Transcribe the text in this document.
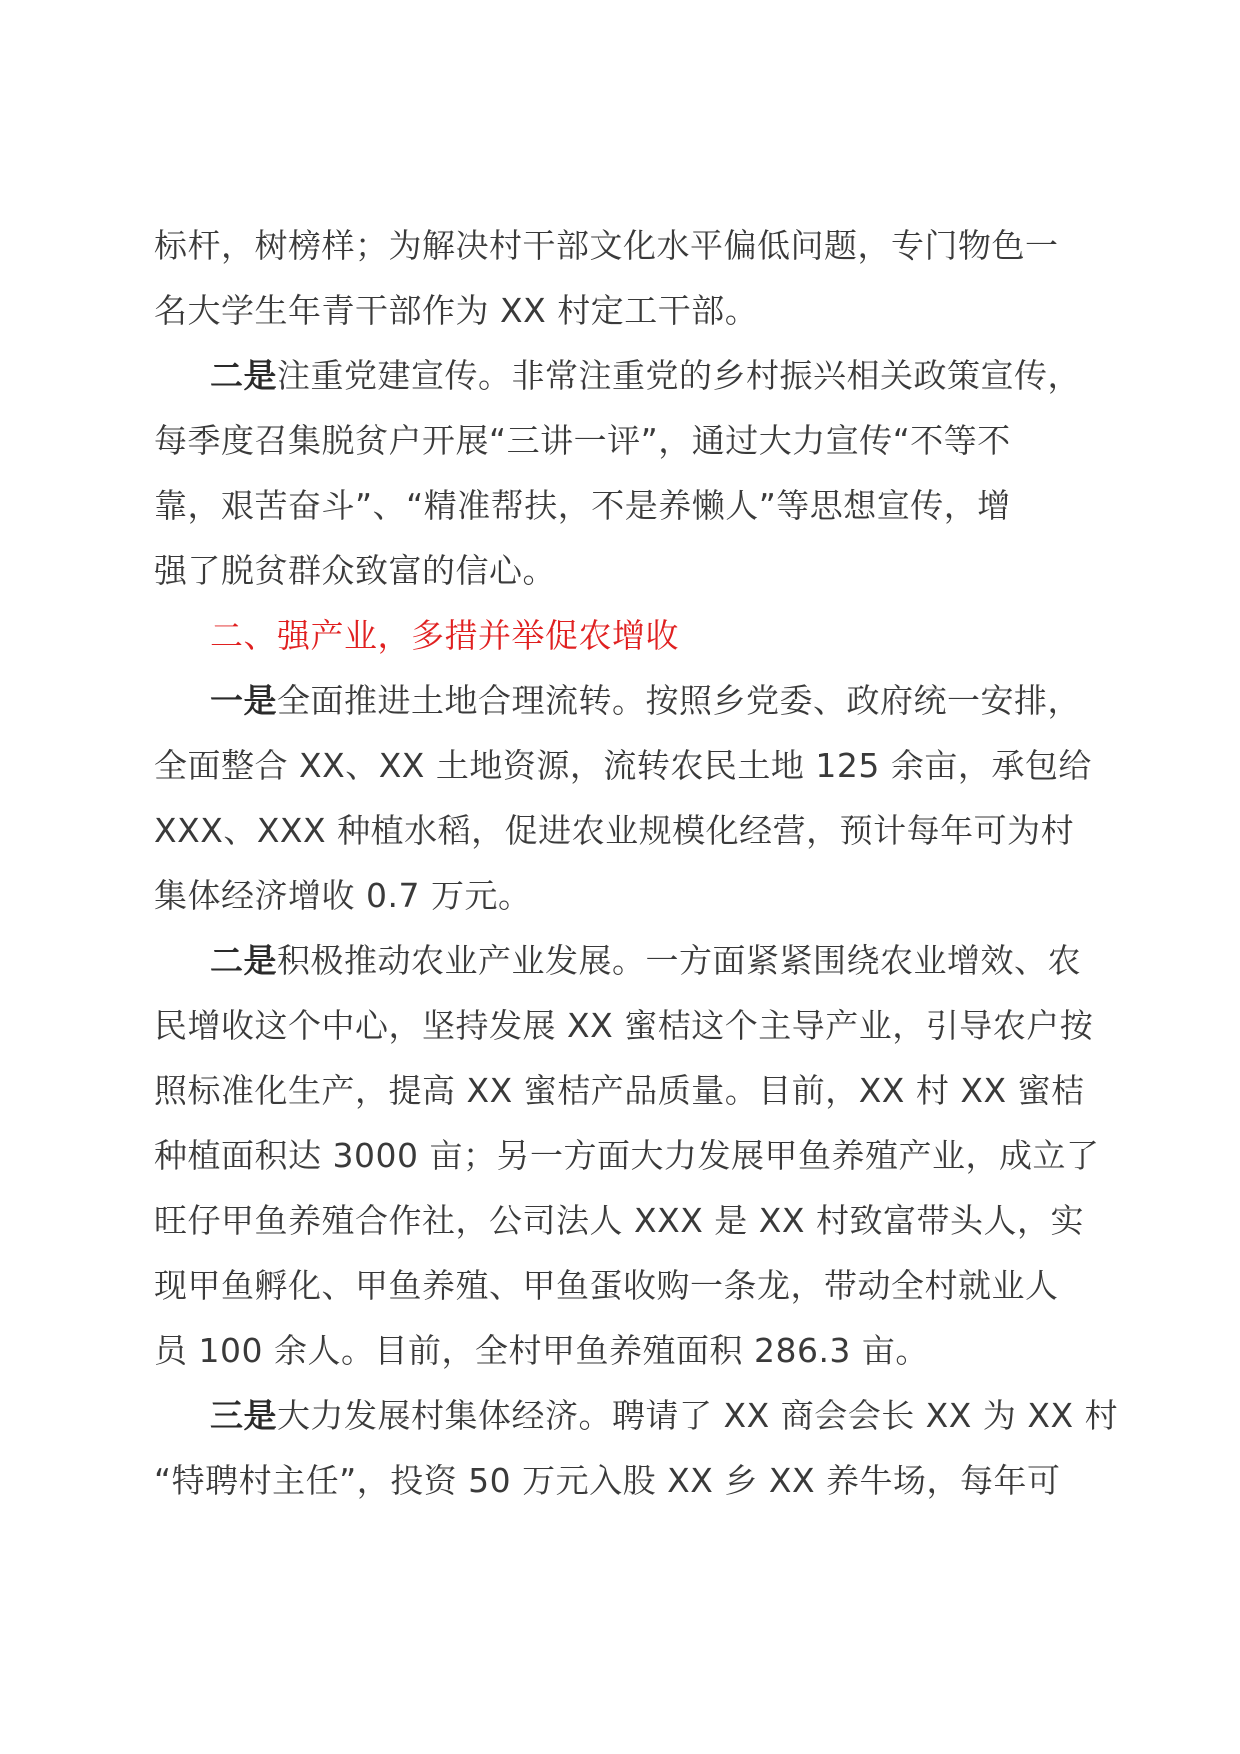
标杆，树榜样；为解决村干部文化水平偏低问题，专门物色一
名大学生年青干部作为 XX 村定工干部。
二是注重党建宣传。非常注重党的乡村振兴相关政策宣传，
每季度召集脱贫户开展“三讲一评”，通过大力宣传“不等不
靠，艰苦奋斗”、“精准帮扶，不是养懒人”等思想宣传，增
强了脱贫群众致富的信心。
二、强产业，多措并举促农增收
一是全面推进土地合理流转。按照乡党委、政府统一安排，
全面整合 XX、XX 土地资源，流转农民土地 125 余亩，承包给
XXX、XXX 种植水稻，促进农业规模化经营，预计每年可为村
集体经济增收 0.7 万元。
二是积极推动农业产业发展。一方面紧紧围绕农业增效、农
民增收这个中心，坚持发展 XX 蜜桔这个主导产业，引导农户按
照标准化生产，提高 XX 蜜桔产品质量。目前，XX 村 XX 蜜桔
种植面积达 3000 亩；另一方面大力发展甲鱼养殖产业，成立了
旺仔甲鱼养殖合作社，公司法人 XXX 是 XX 村致富带头人，实
现甲鱼孵化、甲鱼养殖、甲鱼蛋收购一条龙，带动全村就业人
员 100 余人。目前，全村甲鱼养殖面积 286.3 亩。
三是大力发展村集体经济。聘请了 XX 商会会长 XX 为 XX 村
“特聘村主任”，投资 50 万元入股 XX 乡 XX 养牛场，每年可
